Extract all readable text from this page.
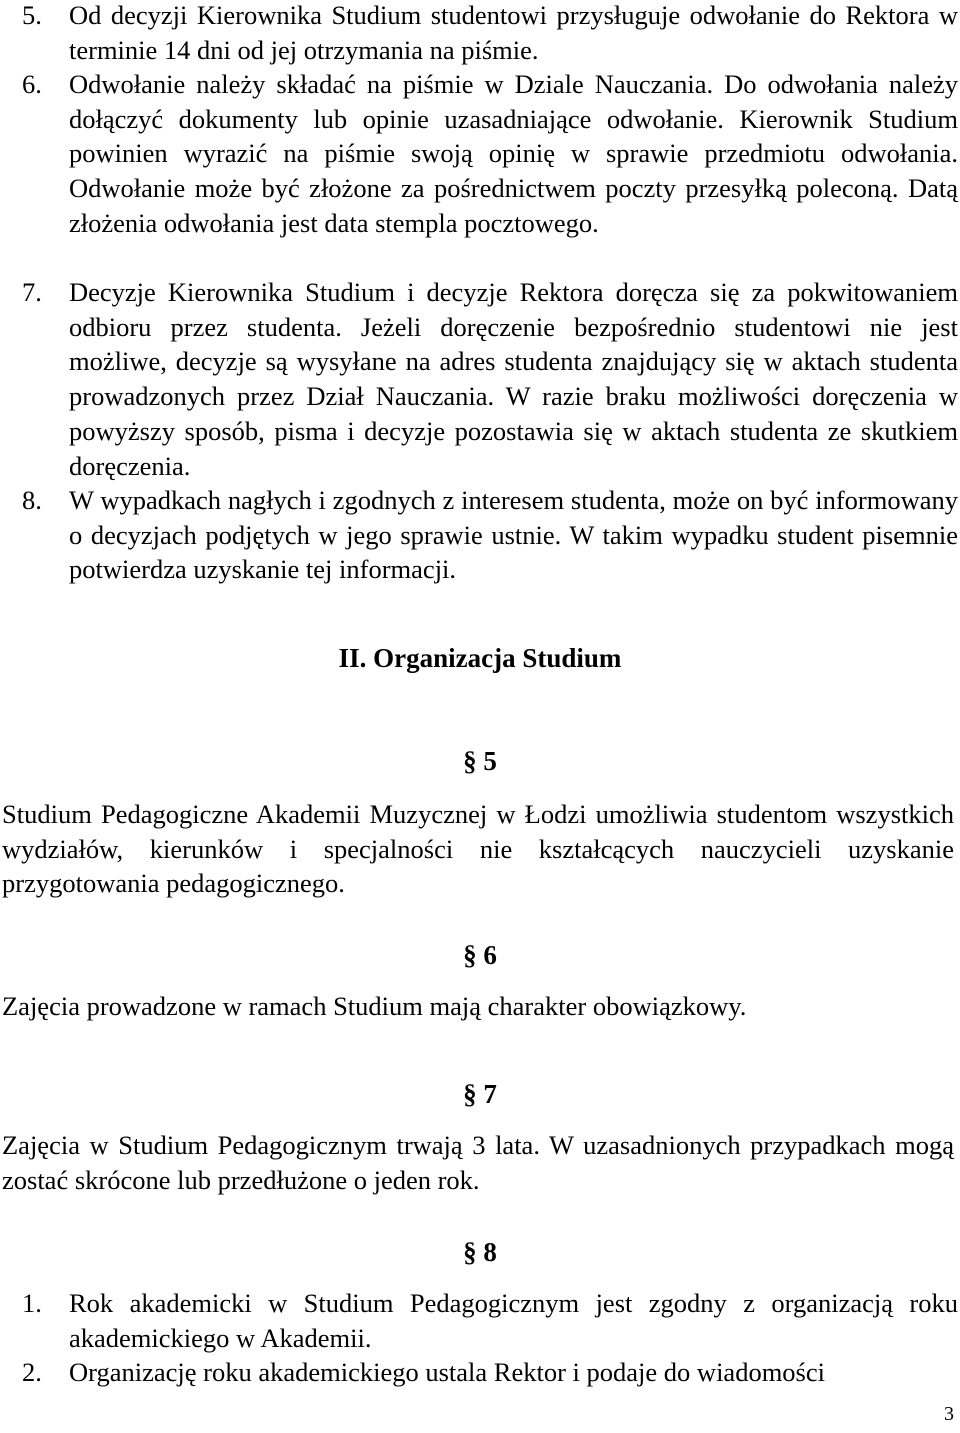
5. Od decyzji Kierownika Studium studentowi przysługuje odwołanie do Rektora w terminie 14 dni od jej otrzymania na piśmie.
6. Odwołanie należy składać na piśmie w Dziale Nauczania. Do odwołania należy dołączyć dokumenty lub opinie uzasadniające odwołanie. Kierownik Studium powinien wyrazić na piśmie swoją opinię w sprawie przedmiotu odwołania. Odwołanie może być złożone za pośrednictwem poczty przesyłką poleconą. Datą złożenia odwołania jest data stempla pocztowego.
7. Decyzje Kierownika Studium i decyzje Rektora doręcza się za pokwitowaniem odbioru przez studenta. Jeżeli doręczenie bezpośrednio studentowi nie jest możliwe, decyzje są wysyłane na adres studenta znajdujący się w aktach studenta prowadzonych przez Dział Nauczania. W razie braku możliwości doręczenia w powyższy sposób, pisma i decyzje pozostawia się w aktach studenta ze skutkiem doręczenia.
8. W wypadkach nagłych i zgodnych z interesem studenta, może on być informowany o decyzjach podjętych w jego sprawie ustnie. W takim wypadku student pisemnie potwierdza uzyskanie tej informacji.
II. Organizacja Studium
§ 5
Studium Pedagogiczne Akademii Muzycznej w Łodzi umożliwia studentom wszystkich wydziałów, kierunków i specjalności nie kształcących nauczycieli uzyskanie przygotowania pedagogicznego.
§ 6
Zajęcia prowadzone w ramach Studium mają charakter obowiązkowy.
§ 7
Zajęcia w Studium Pedagogicznym trwają 3 lata. W uzasadnionych przypadkach mogą zostać skrócone lub przedłużone o jeden rok.
§ 8
1. Rok akademicki w Studium Pedagogicznym jest zgodny z organizacją roku akademickiego w Akademii.
2. Organizację roku akademickiego ustala Rektor i podaje do wiadomości
3
